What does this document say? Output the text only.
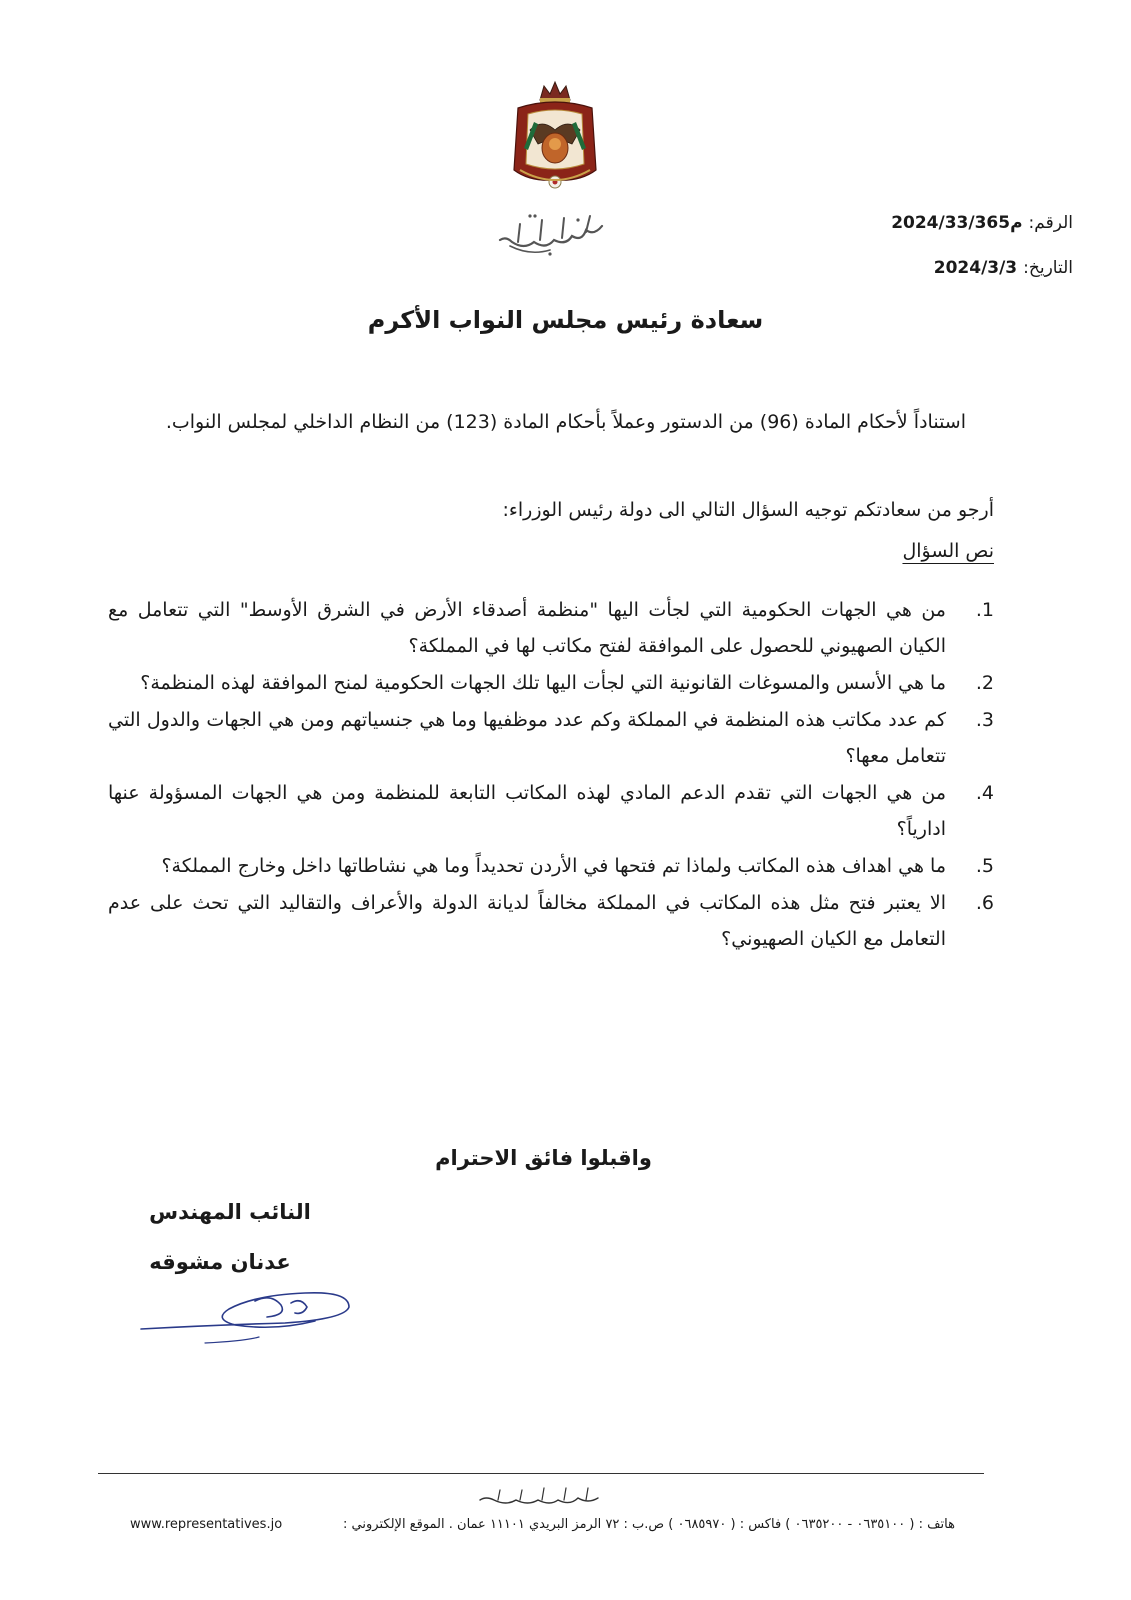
الرقم:م2024/33/365
التاريخ:2024/3/3
سعادة رئيس مجلس النواب الأكرم
استناداً لأحكام المادة (96) من الدستور وعملاً بأحكام المادة (123) من النظام الداخلي لمجلس النواب.
أرجو من سعادتكم توجيه السؤال التالي الى دولة رئيس الوزراء:
نص السؤال
1.
من هي الجهات الحكومية التي لجأت اليها "منظمة أصدقاء الأرض في الشرق الأوسط" التي تتعامل مع الكيان الصهيوني للحصول على الموافقة لفتح مكاتب لها في المملكة؟
2.
ما هي الأسس والمسوغات القانونية التي لجأت اليها تلك الجهات الحكومية لمنح الموافقة لهذه المنظمة؟
3.
كم عدد مكاتب هذه المنظمة في المملكة وكم عدد موظفيها وما هي جنسياتهم ومن هي الجهات والدول التي تتعامل معها؟
4.
من هي الجهات التي تقدم الدعم المادي لهذه المكاتب التابعة للمنظمة ومن هي الجهات المسؤولة عنها ادارياً؟
5.
ما هي اهداف هذه المكاتب ولماذا تم فتحها في الأردن تحديداً وما هي نشاطاتها داخل وخارج المملكة؟
6.
الا يعتبر فتح مثل هذه المكاتب في المملكة مخالفاً لديانة الدولة والأعراف والتقاليد التي تحث على عدم التعامل مع الكيان الصهيوني؟
واقبلوا فائق الاحترام
النائب المهندس
عدنان مشوقه
هاتف : ( ٠٦٣٥١٠٠ - ٠٦٣٥٢٠٠ ) فاكس : ( ٠٦٨٥٩٧٠ ) ص.ب : ٧٢ الرمز البريدي ١١١٠١ عمان . الموقع الإلكتروني :
www.representatives.jo
